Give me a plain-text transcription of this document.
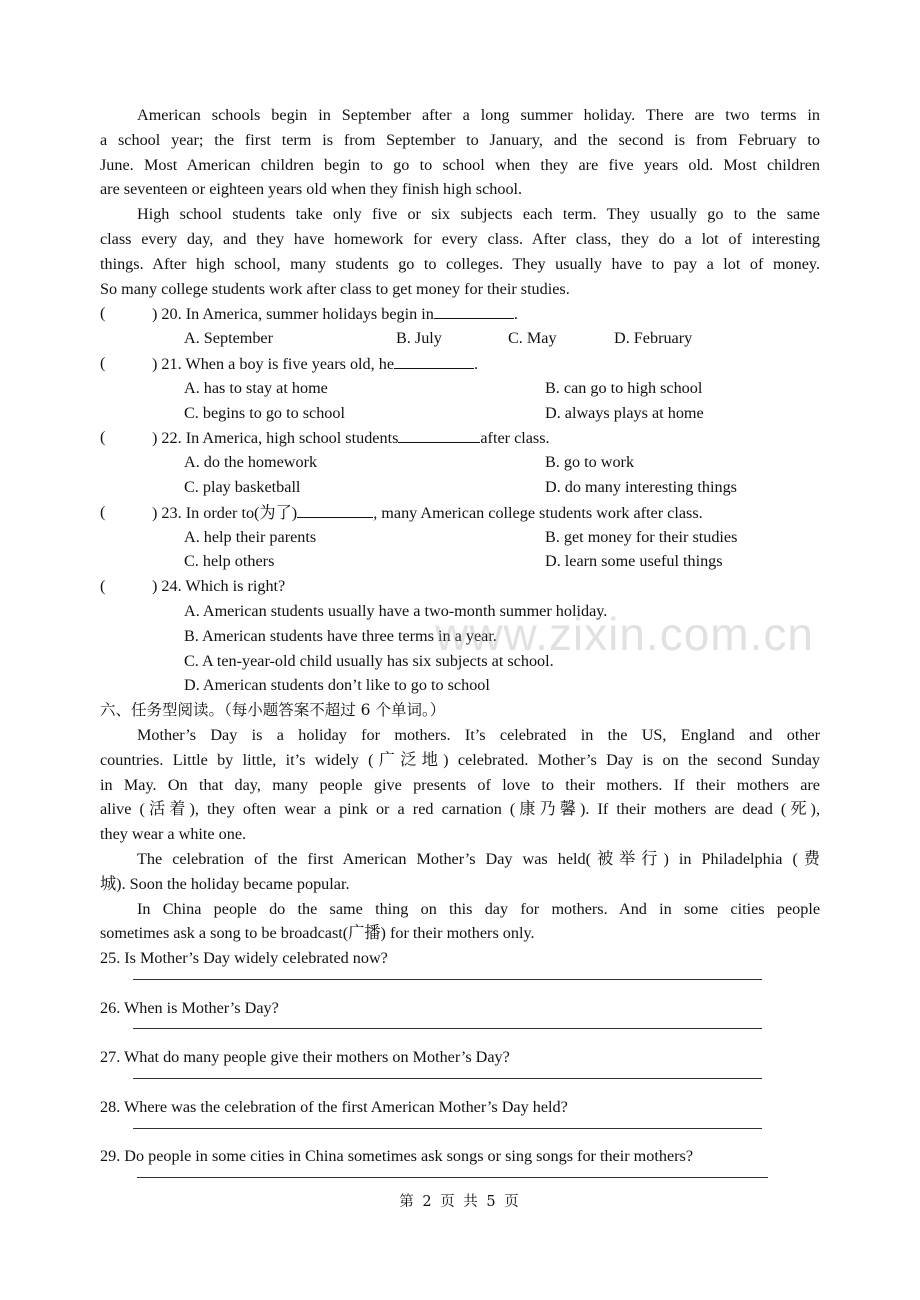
American schools begin in September after a long summer holiday. There are two terms in
a school year; the first term is from September to January, and the second is from February to
June. Most American children begin to go to school when they are five years old. Most children
are seventeen or eighteen years old when they finish high school.
High school students take only five or six subjects each term. They usually go to the same
class every day, and they have homework for every class. After class, they do a lot of interesting
things. After high school, many students go to colleges. They usually have to pay a lot of money.
So many college students work after class to get money for their studies.
(	) 20. In America, summer holidays begin in	.
A. September	B. July	C. May	D. February
(	) 21. When a boy is five years old, he	.
A. has to stay at home	B. can go to high school
C. begins to go to school	D. always plays at home
(	) 22. In America, high school students	after class.
A. do the homework	B. go to work
C. play basketball	D. do many interesting things
(	) 23. In order to(为了)	, many American college students work after class.
A. help their parents	B. get money for their studies
C. help others	D. learn some useful things
(	) 24. Which is right?
A. American students usually have a two-month summer holiday.
B. American students have three terms in a year.
C. A ten-year-old child usually has six subjects at school.
D. American students don’t like to go to school
六、任务型阅读。（每小题答案不超过 6 个单词。）
Mother’s Day is a holiday for mothers. It’s celebrated in the US, England and other
countries. Little by little, it’s widely (广泛地) celebrated. Mother’s Day is on the second Sunday
in May. On that day, many people give presents of love to their mothers. If their mothers are
alive (活着), they often wear a pink or a red carnation (康乃馨). If their mothers are dead (死),
they wear a white one.
The celebration of the first American Mother’s Day was held(被举行) in Philadelphia (费
城). Soon the holiday became popular.
In China people do the same thing on this day for mothers. And in some cities people
sometimes ask a song to be broadcast(广播) for their mothers only.
25. Is Mother’s Day widely celebrated now?
26. When is Mother’s Day?
27. What do many people give their mothers on Mother’s Day?
28. Where was the celebration of the first American Mother’s Day held?
29. Do people in some cities in China sometimes ask songs or sing songs for their mothers?
www.zixin.com.cn
第 2 页 共 5 页
